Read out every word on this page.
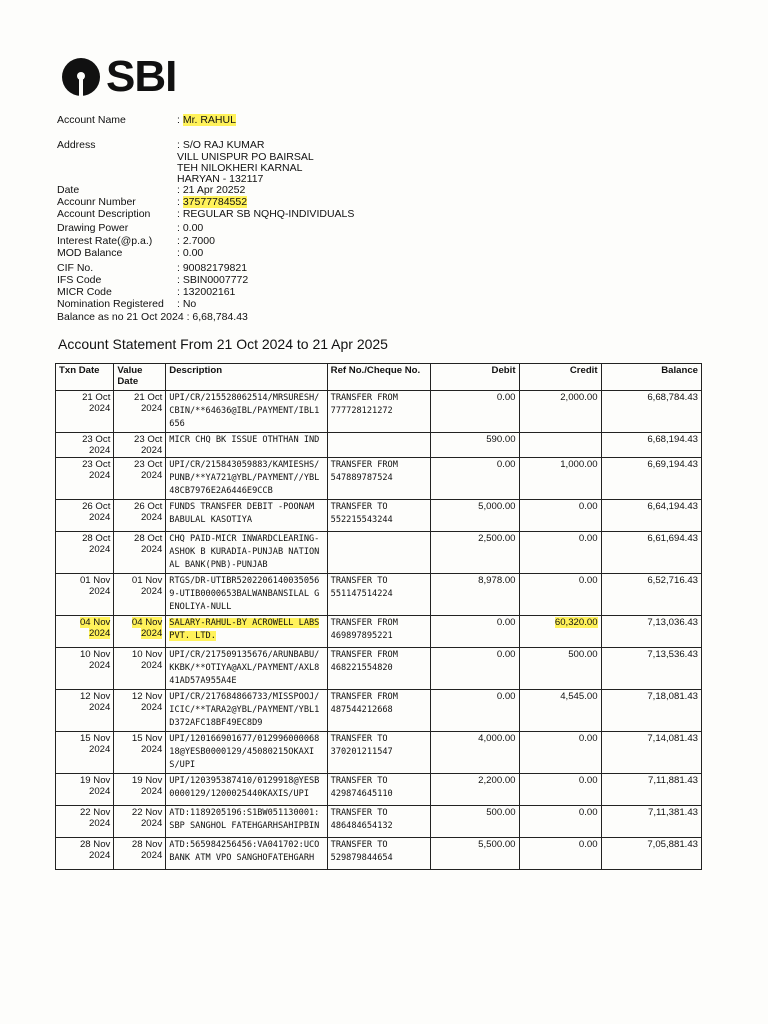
SBI
Account Name	: Mr. RAHUL
Address	: S/O RAJ KUMAR
VILL UNISPUR PO BAIRSAL
TEH NILOKHERI KARNAL
HARYAN - 132117
Date	: 21 Apr 20252
Accounr Number	: 37577784552
Account Description	: REGULAR SB NQHQ-INDIVIDUALS
Drawing Power	: 0.00
Interest Rate(@p.a.) : 2.7000
MOD Balance	: 0.00
CIF No.	: 90082179821
IFS Code	: SBIN0007772
MICR Code	: 132002161
Nomination Registered : No
Balance as no 21 Oct 2024 : 6,68,784.43
Account Statement From 21 Oct 2024 to 21 Apr 2025
Txn Date	Value Date	Description	Ref No./Cheque No.	Debit	Credit	Balance
21 Oct 2024	21 Oct 2024	UPI/CR/215528062514/MRSURESH/CBIN/**64636@IBL/PAYMENT/IBL1656	TRANSFER FROM 777728121272	0.00	2,000.00	6,68,784.43
23 Oct 2024	23 Oct 2024	MICR CHQ BK ISSUE OTHTHAN IND		590.00		6,68,194.43
23 Oct 2024	23 Oct 2024	UPI/CR/215843059883/KAMIESHS/PUNB/**YA721@YBL/PAYMENT//YBL48CB7976E2A6446E9CCB	TRANSFER FROM 547889787524	0.00	1,000.00	6,69,194.43
26 Oct 2024	26 Oct 2024	FUNDS TRANSFER DEBIT -POONAM BABULAL KASOTIYA	TRANSFER TO 552215543244	5,000.00	0.00	6,64,194.43
28 Oct 2024	28 Oct 2024	CHQ PAID-MICR INWARDCLEARING-ASHOK B KURADIA-PUNJAB NATIONAL BANK(PNB)-PUNJAB		2,500.00	0.00	6,61,694.43
01 Nov 2024	01 Nov 2024	RTGS/DR-UTIBR52022061400350569-UTIB0000653BALWANBANSILAL GENOLIYA-NULL	TRANSFER TO 551147514224	8,978.00	0.00	6,52,716.43
04 Nov 2024	04 Nov 2024	SALARY-RAHUL-BY ACROWELL LABS PVT. LTD.	TRANSFER FROM 469897895221	0.00	60,320.00	7,13,036.43
10 Nov 2024	10 Nov 2024	UPI/CR/217509135676/ARUNBABU/KKBK/**OTIYA@AXL/PAYMENT/AXL841AD57A955A4E	TRANSFER FROM 468221554820	0.00	500.00	7,13,536.43
12 Nov 2024	12 Nov 2024	UPI/CR/217684866733/MISSPOOJ/ICIC/**TARA2@YBL/PAYMENT/YBL1D372AFC18BF49EC8D9	TRANSFER FROM 487544212668	0.00	4,545.00	7,18,081.43
15 Nov 2024	15 Nov 2024	UPI/120166901677/01299600006818@YESB0000129/45080215OKAXIS/UPI	TRANSFER TO 370201211547	4,000.00	0.00	7,14,081.43
19 Nov 2024	19 Nov 2024	UPI/120395387410/0129918@YESB0000129/1200025440KAXIS/UPI	TRANSFER TO 429874645110	2,200.00	0.00	7,11,881.43
22 Nov 2024	22 Nov 2024	ATD:1189205196:S1BW051130001:SBP SANGHOL FATEHGARHSAHIPBIN	TRANSFER TO 486484654132	500.00	0.00	7,11,381.43
28 Nov 2024	28 Nov 2024	ATD:565984256456:VA041702:UCO BANK ATM VPO SANGHOFATEHGARH	TRANSFER TO 529879844654	5,500.00	0.00	7,05,881.43
